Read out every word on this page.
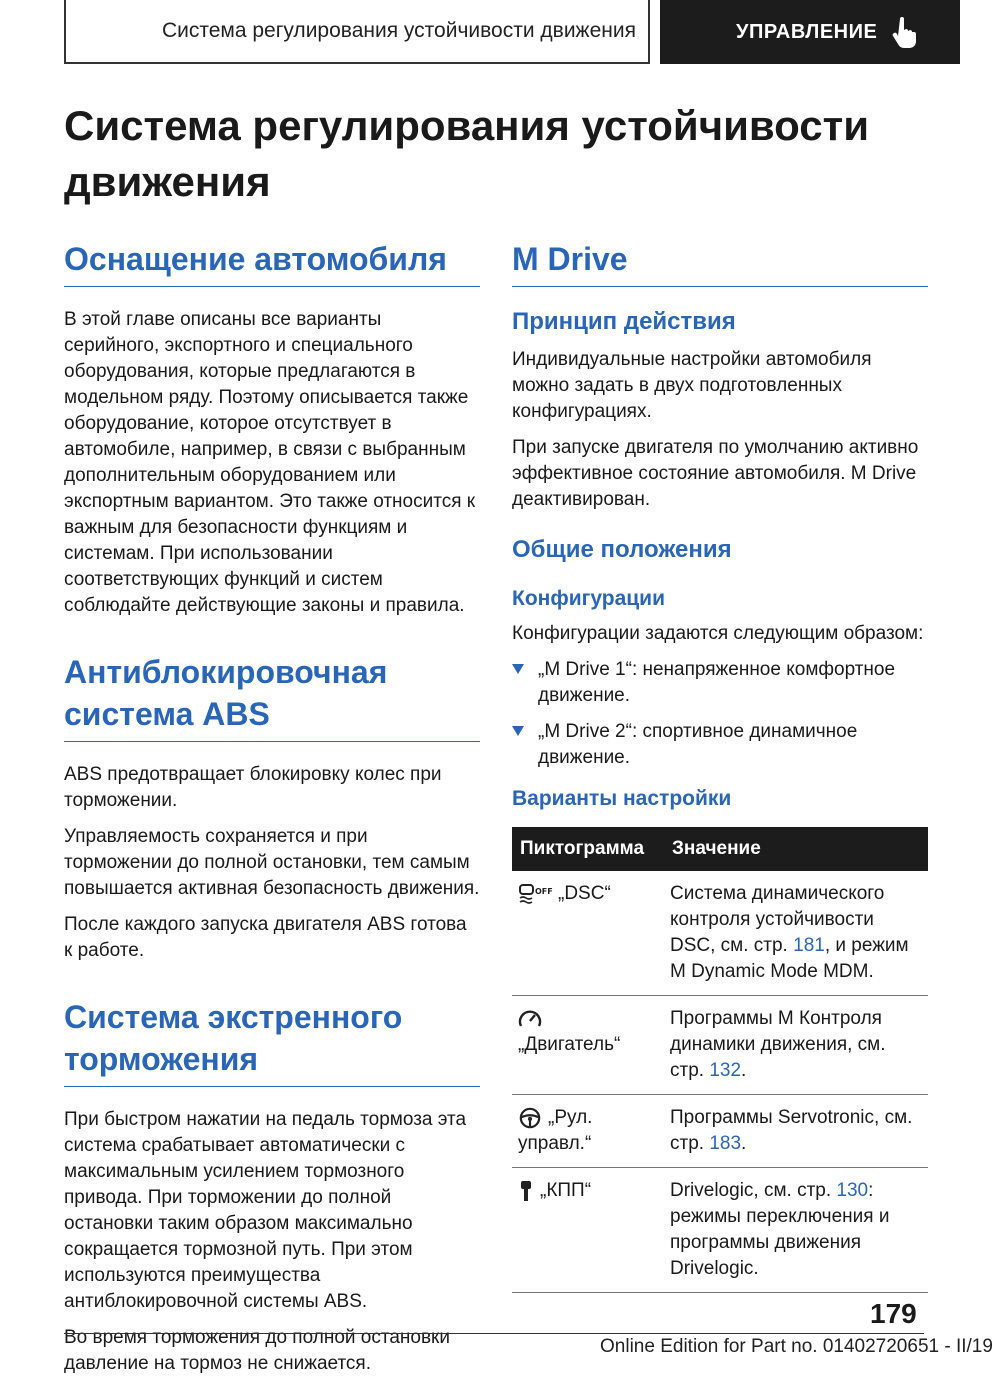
Система регулирования устойчивости движения	УПРАВЛЕНИЕ
Система регулирования устойчивости движения
Оснащение автомобиля

В этой главе описаны все варианты серийного, экспортного и специального оборудования, которые предлагаются в модельном ряду. Поэтому описывается также оборудование, которое отсутствует в автомобиле, например, в связи с выбранным дополнительным оборудованием или экспортным вариантом. Это также относится к важным для безопасности функциям и системам. При использовании соответствующих функций и систем соблюдайте действующие законы и правила.

Антиблокировочная система ABS

ABS предотвращает блокировку колес при торможении.

Управляемость сохраняется и при торможении до полной остановки, тем самым повышается активная безопасность движения.

После каждого запуска двигателя ABS готова к работе.

Система экстренного торможения

При быстром нажатии на педаль тормоза эта система срабатывает автоматически с максимальным усилением тормозного привода. При торможении до полной остановки таким образом максимально сокращается тормозной путь. При этом используются преимущества антиблокировочной системы ABS.

Во время торможения до полной остановки давление на тормоз не снижается.

M Drive
Принцип действия

Индивидуальные настройки автомобиля можно задать в двух подготовленных конфигурациях.

При запуске двигателя по умолчанию активно эффективное состояние автомобиля. M Drive деактивирован.

Общие положения
Конфигурации

Конфигурации задаются следующим образом:

„M Drive 1“: ненапряженное комфортное движение.
„M Drive 2“: спортивное динамичное движение.
Варианты настройки
Пиктограмма	Значение

OFF „DSC“	Система динамического контроля устойчивости DSC, см. стр. 181, и режим M Dynamic Mode MDM.

„Двигатель“	Программы M Контроля динамики движения, см. стр. 132.
„Рул. управл.“	Программы Servotronic, см. стр. 183.
„КПП“	Drivelogic, см. стр. 130: режимы переключения и программы движения Drivelogic.
179
Online Edition for Part no. 01402720651 - II/19
